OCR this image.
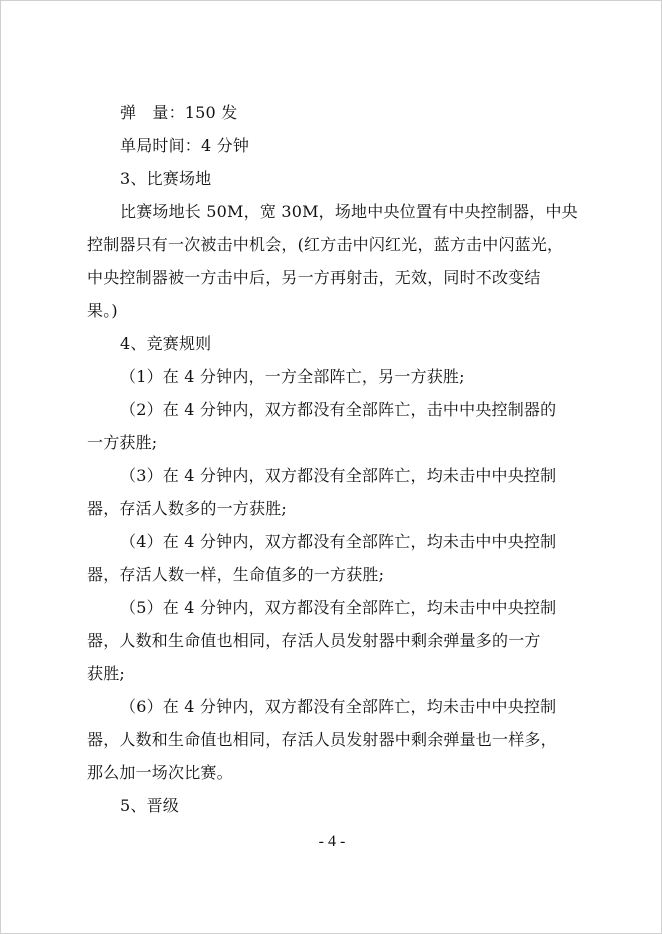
弹　量：150 发
单局时间：4 分钟
3、比赛场地
比赛场地长 50M，宽 30M，场地中央位置有中央控制器，中央
控制器只有一次被击中机会，(红方击中闪红光，蓝方击中闪蓝光，
中央控制器被一方击中后，另一方再射击，无效，同时不改变结
果。)
4、竞赛规则
（1）在 4 分钟内，一方全部阵亡，另一方获胜;
（2）在 4 分钟内，双方都没有全部阵亡，击中中央控制器的
一方获胜;
（3）在 4 分钟内，双方都没有全部阵亡，均未击中中央控制
器，存活人数多的一方获胜;
（4）在 4 分钟内，双方都没有全部阵亡，均未击中中央控制
器，存活人数一样，生命值多的一方获胜;
（5）在 4 分钟内，双方都没有全部阵亡，均未击中中央控制
器，人数和生命值也相同，存活人员发射器中剩余弹量多的一方
获胜;
（6）在 4 分钟内，双方都没有全部阵亡，均未击中中央控制
器，人数和生命值也相同，存活人员发射器中剩余弹量也一样多，
那么加一场次比赛。
5、晋级
- 4 -
